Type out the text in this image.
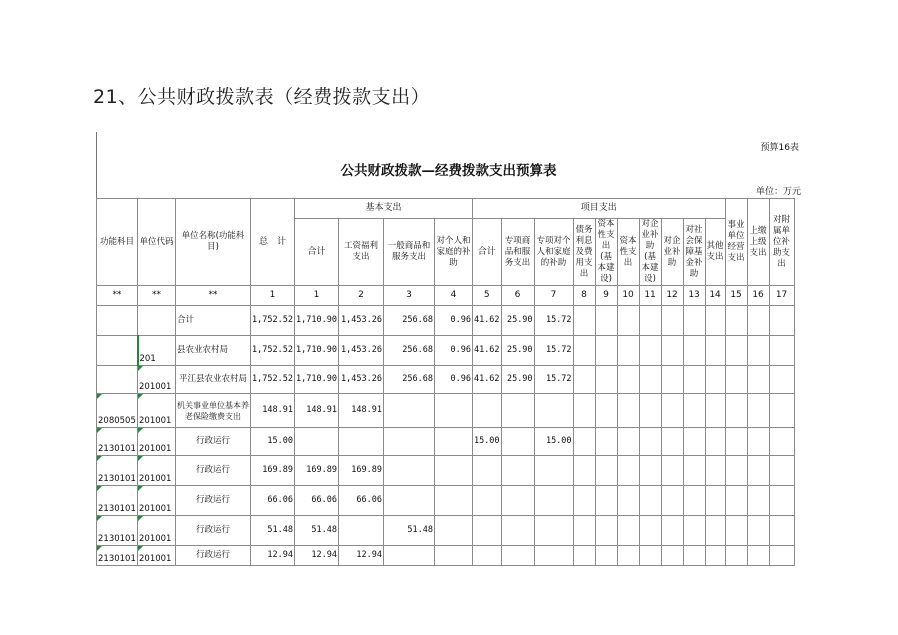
21、公共财政拨款表（经费拨款支出）
预算16表
公共财政拨款—经费拨款支出预算表
单位：万元
功能科目	单位代码	单位名称(功能科目)	总　计	基本支出				项目支出										事业单位经营支出	上缴上级支出	对附属单位补助支出
				合计	工资福利支出	一般商品和服务支出	对个人和家庭的补助	合计	专项商品和服务支出	专项对个人和家庭的补助	债务利息及费用支出	资本性支出(基本建设)	资本性支出	对企业补助(基本建设)	对企业补助	对社会保障基金补助	其他支出			
**	**	**	1	1	2	3	4	5	6	7	8	9	10	11	12	13	14	15	16	17
		合计	1,752.52	1,710.90	1,453.26	256.68	0.96	41.62	25.90	15.72										
	201	县农业农村局	1,752.52	1,710.90	1,453.26	256.68	0.96	41.62	25.90	15.72										
	201001	平江县农业农村局	1,752.52	1,710.90	1,453.26	256.68	0.96	41.62	25.90	15.72										
2080505	201001	机关事业单位基本养老保险缴费支出	148.91	148.91	148.91															
2130101	201001	行政运行	15.00					15.00		15.00										
2130101	201001	行政运行	169.89	169.89	169.89															
2130101	201001	行政运行	66.06	66.06	66.06															
2130101	201001	行政运行	51.48	51.48		51.48														
2130101	201001	行政运行	12.94	12.94	12.94															
